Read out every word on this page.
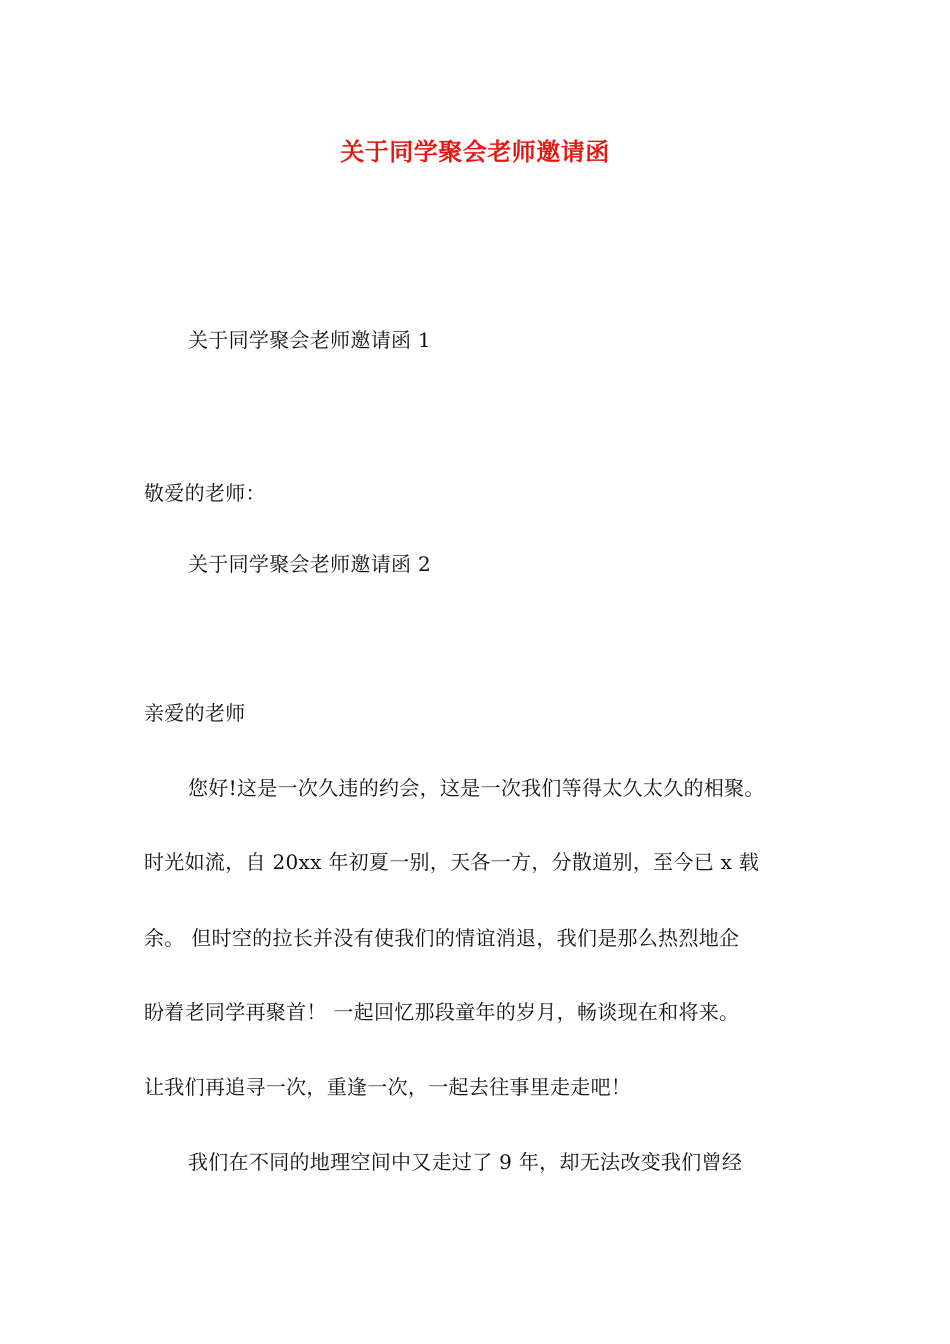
关于同学聚会老师邀请函
关于同学聚会老师邀请函 1
敬爱的老师：
关于同学聚会老师邀请函 2
亲爱的老师
您好!这是一次久违的约会，这是一次我们等得太久太久的相聚。
时光如流，自 20xx 年初夏一别，天各一方，分散道别，至今已 x 载
余。 但时空的拉长并没有使我们的情谊消退，我们是那么热烈地企
盼着老同学再聚首！ 一起回忆那段童年的岁月，畅谈现在和将来。
让我们再追寻一次，重逢一次，一起去往事里走走吧！
我们在不同的地理空间中又走过了 9 年，却无法改变我们曾经
